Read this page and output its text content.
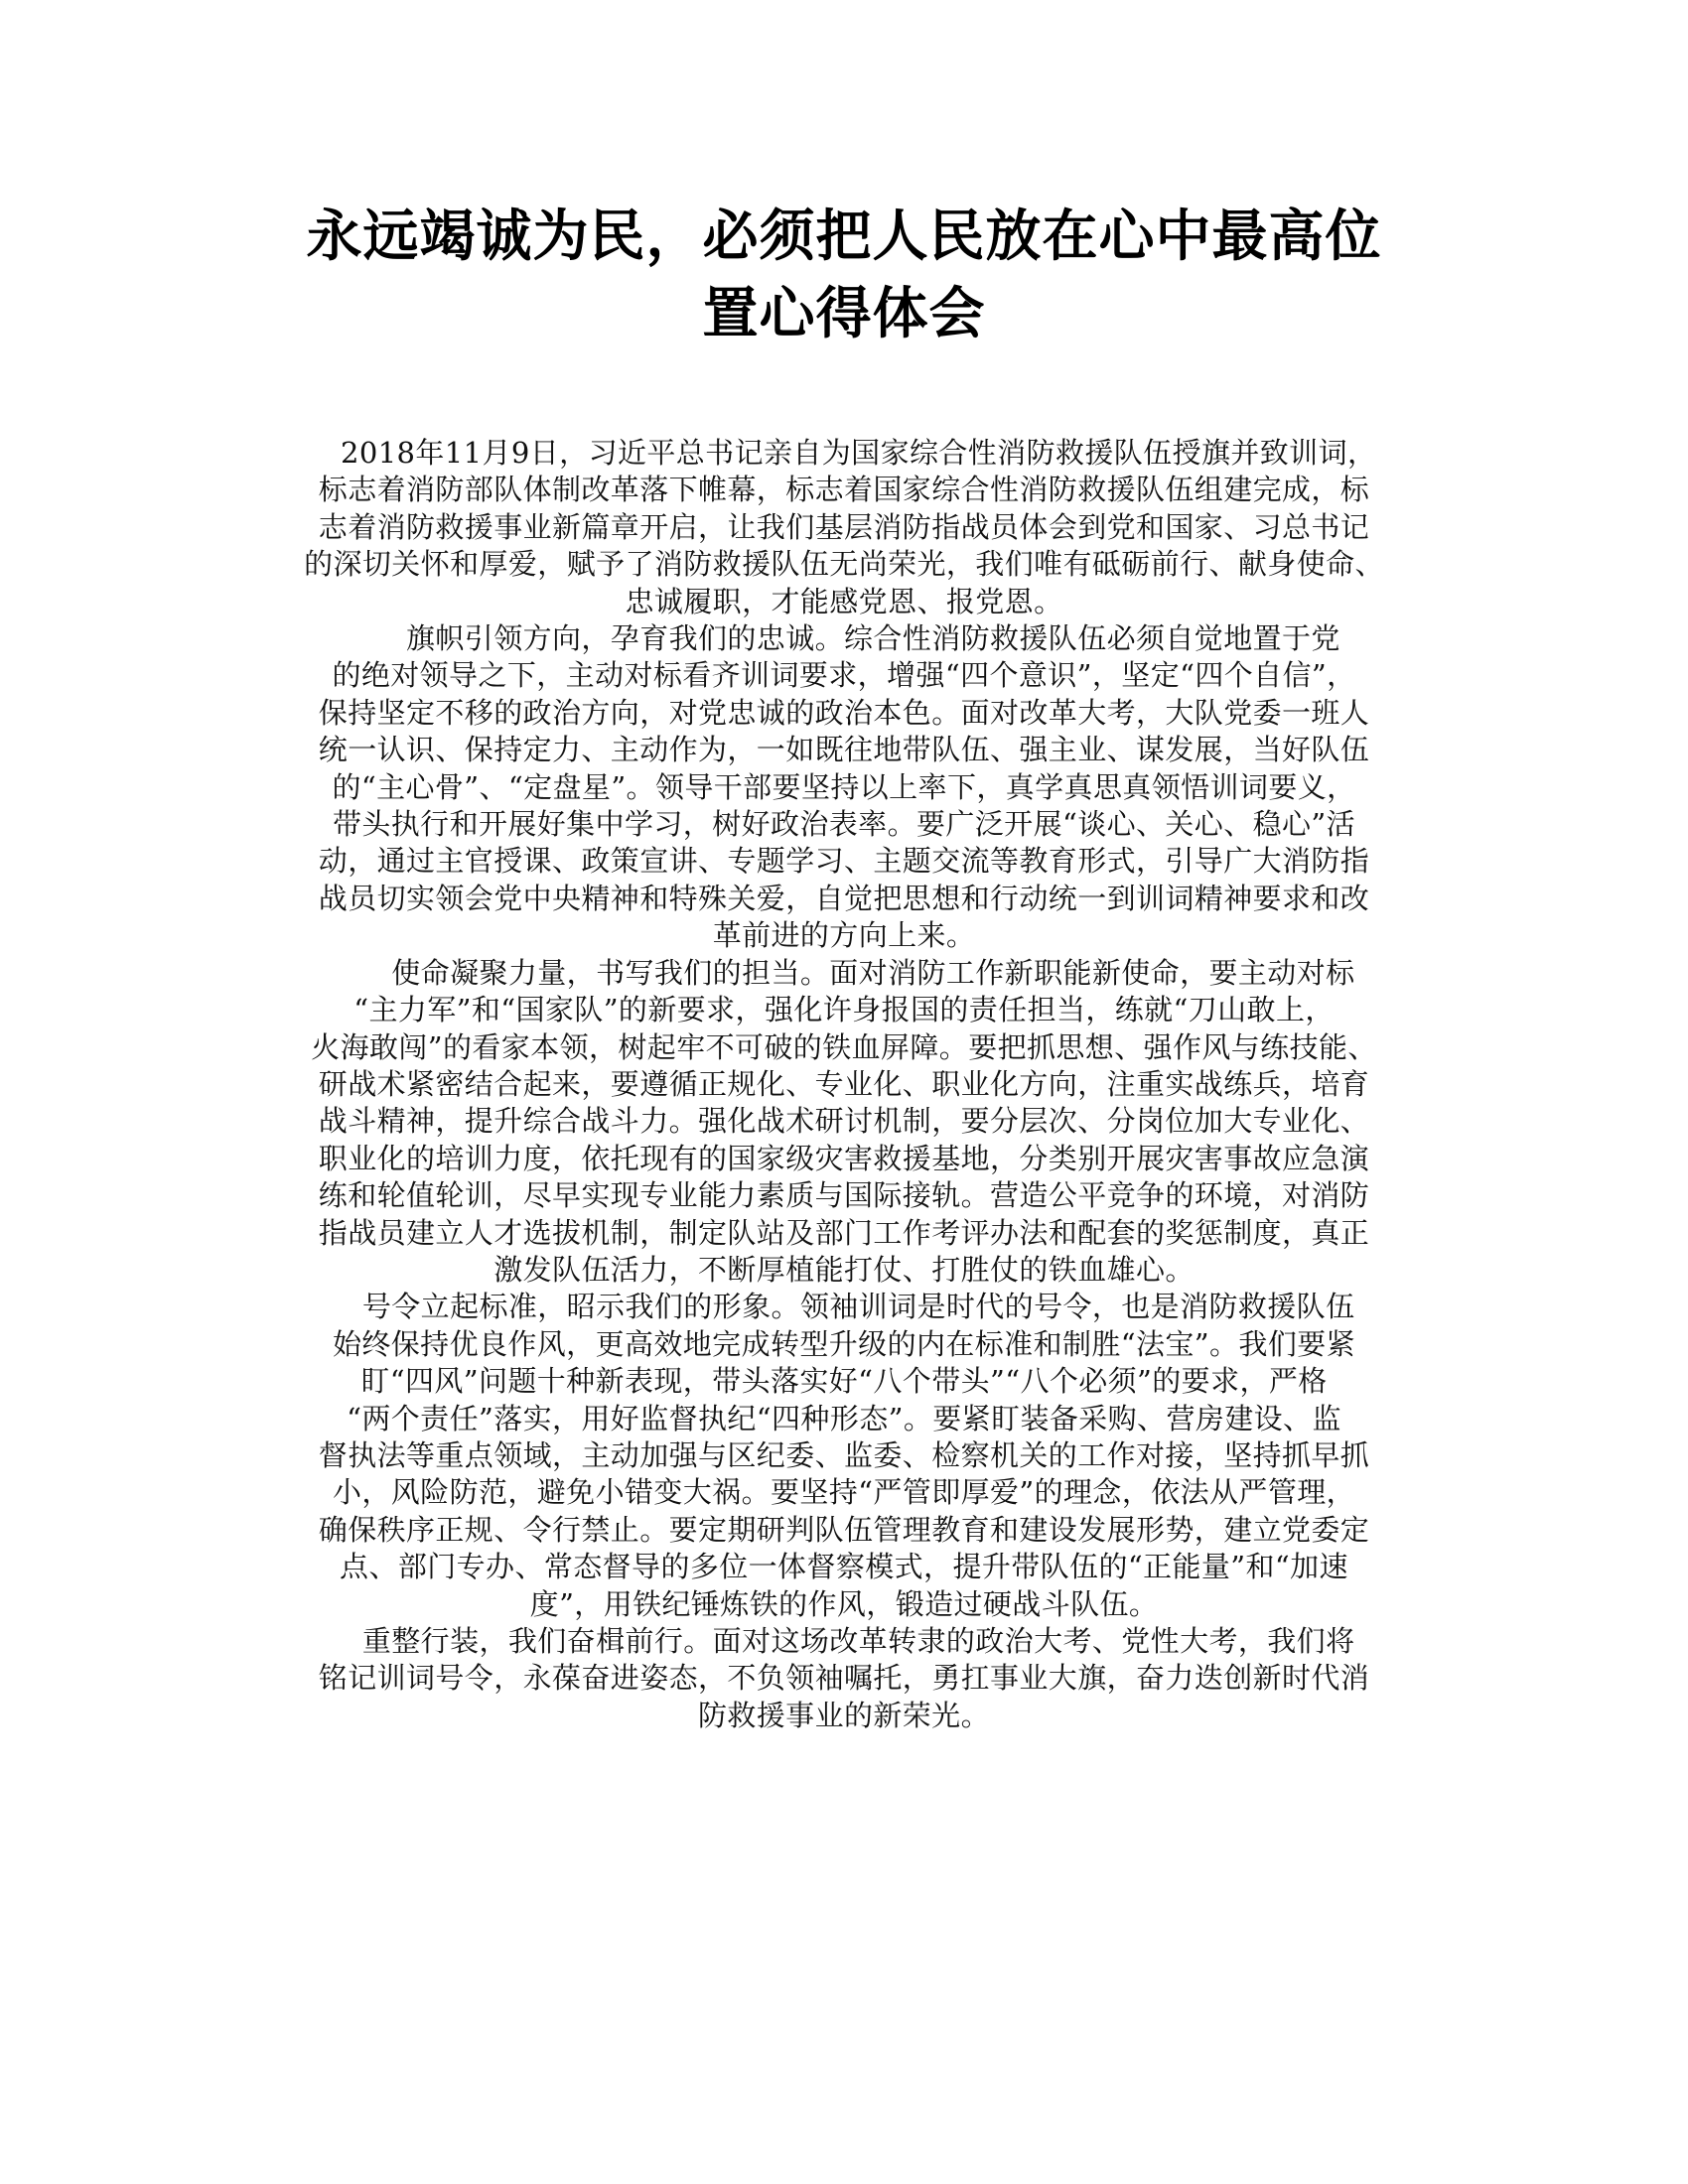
永远竭诚为民，必须把人民放在心中最高位
置心得体会
　2018年11月9日，习近平总书记亲自为国家综合性消防救援队伍授旗并致训词，
标志着消防部队体制改革落下帷幕，标志着国家综合性消防救援队伍组建完成，标
志着消防救援事业新篇章开启，让我们基层消防指战员体会到党和国家、习总书记
的深切关怀和厚爱，赋予了消防救援队伍无尚荣光，我们唯有砥砺前行、献身使命、
忠诚履职，才能感党恩、报党恩。
　　旗帜引领方向，孕育我们的忠诚。综合性消防救援队伍必须自觉地置于党
的绝对领导之下，主动对标看齐训词要求，增强“四个意识”，坚定“四个自信”，
保持坚定不移的政治方向，对党忠诚的政治本色。面对改革大考，大队党委一班人
统一认识、保持定力、主动作为，一如既往地带队伍、强主业、谋发展，当好队伍
的“主心骨”、“定盘星”。领导干部要坚持以上率下，真学真思真领悟训词要义，
带头执行和开展好集中学习，树好政治表率。要广泛开展“谈心、关心、稳心”活
动，通过主官授课、政策宣讲、专题学习、主题交流等教育形式，引导广大消防指
战员切实领会党中央精神和特殊关爱，自觉把思想和行动统一到训词精神要求和改
革前进的方向上来。
　　使命凝聚力量，书写我们的担当。面对消防工作新职能新使命，要主动对标
“主力军”和“国家队”的新要求，强化许身报国的责任担当，练就“刀山敢上，
火海敢闯”的看家本领，树起牢不可破的铁血屏障。要把抓思想、强作风与练技能、
研战术紧密结合起来，要遵循正规化、专业化、职业化方向，注重实战练兵，培育
战斗精神，提升综合战斗力。强化战术研讨机制，要分层次、分岗位加大专业化、
职业化的培训力度，依托现有的国家级灾害救援基地，分类别开展灾害事故应急演
练和轮值轮训，尽早实现专业能力素质与国际接轨。营造公平竞争的环境，对消防
指战员建立人才选拔机制，制定队站及部门工作考评办法和配套的奖惩制度，真正
激发队伍活力，不断厚植能打仗、打胜仗的铁血雄心。
　号令立起标准，昭示我们的形象。领袖训词是时代的号令，也是消防救援队伍
始终保持优良作风，更高效地完成转型升级的内在标准和制胜“法宝”。我们要紧
盯“四风”问题十种新表现，带头落实好“八个带头”“八个必须”的要求，严格
“两个责任”落实，用好监督执纪“四种形态”。要紧盯装备采购、营房建设、监
督执法等重点领域，主动加强与区纪委、监委、检察机关的工作对接，坚持抓早抓
小，风险防范，避免小错变大祸。要坚持“严管即厚爱”的理念，依法从严管理，
确保秩序正规、令行禁止。要定期研判队伍管理教育和建设发展形势，建立党委定
点、部门专办、常态督导的多位一体督察模式，提升带队伍的“正能量”和“加速
度”，用铁纪锤炼铁的作风，锻造过硬战斗队伍。
　重整行装，我们奋楫前行。面对这场改革转隶的政治大考、党性大考，我们将
铭记训词号令，永葆奋进姿态，不负领袖嘱托，勇扛事业大旗，奋力迭创新时代消
防救援事业的新荣光。
